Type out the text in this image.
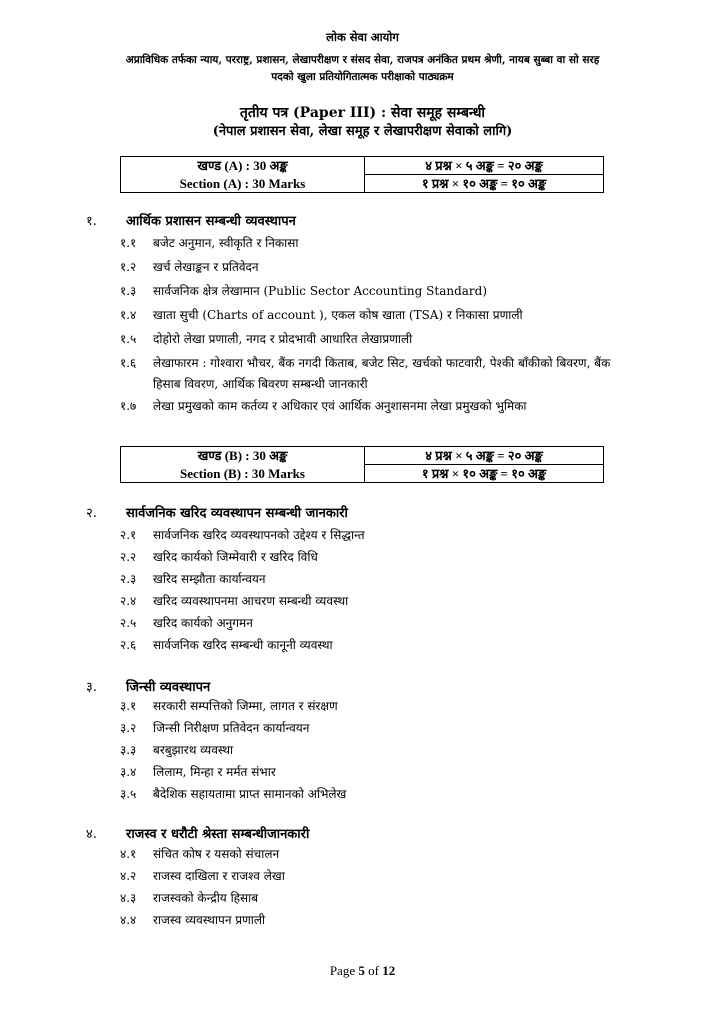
लोक सेवा आयोग
अप्राविधिक तर्फका न्याय, परराष्ट्र, प्रशासन, लेखापरीक्षण र संसद सेवा, राजपत्र अनंकित प्रथम श्रेणी, नायब सुब्बा वा सो सरह
पदको खुला प्रतियोगितात्मक परीक्षाको पाठ्यक्रम
तृतीय पत्र (Paper III) : सेवा समूह सम्बन्धी
(नेपाल प्रशासन सेवा, लेखा समूह र लेखापरीक्षण सेवाको लागि)
खण्ड (A) : 30 अङ्क	४ प्रश्न × ५ अङ्क = २० अङ्क
Section (A) : 30 Marks	१ प्रश्न × १० अङ्क = १० अङ्क
१. आर्थिक प्रशासन सम्बन्धी व्यवस्थापन
१.१	बजेट अनुमान, स्वीकृति र निकासा
१.२	खर्च लेखाङ्कन र प्रतिवेदन
१.३	सार्वजनिक क्षेत्र लेखामान (Public Sector Accounting Standard)
१.४	खाता सुची (Charts of account ), एकल कोष खाता (TSA) र निकासा प्रणाली
१.५	दोहोरो लेखा प्रणाली, नगद र प्रोदभावी आधारित लेखाप्रणाली
१.६	लेखाफारम : गोश्वारा भौचर, बैंक नगदी किताब, बजेट सिट, खर्चको फाटवारी, पेश्की बाँकीको बिवरण, बैंक हिसाब विवरण, आर्थिक बिवरण सम्बन्धी जानकारी
१.७	लेखा प्रमुखको काम कर्तव्य र अधिकार एवं आर्थिक अनुशासनमा लेखा प्रमुखको भुमिका
खण्ड (B) : 30 अङ्क	४ प्रश्न × ५ अङ्क = २० अङ्क
Section (B) : 30 Marks	१ प्रश्न × १० अङ्क = १० अङ्क
२. सार्वजनिक खरिद व्यवस्थापन सम्बन्धी जानकारी
२.१	सार्वजनिक खरिद व्यवस्थापनको उद्देश्य र सिद्धान्त
२.२	खरिद कार्यको जिम्मेवारी र खरिद विधि
२.३	खरिद सम्झौता कार्यान्वयन
२.४	खरिद व्यवस्थापनमा आचरण सम्बन्धी व्यवस्था
२.५	खरिद कार्यको अनुगमन
२.६	सार्वजनिक खरिद सम्बन्धी कानूनी व्यवस्था
३. जिन्सी व्यवस्थापन
३.१	सरकारी सम्पत्तिको जिम्मा, लागत र संरक्षण
३.२	जिन्सी निरीक्षण प्रतिवेदन कार्यान्वयन
३.३	बरबुझारथ व्यवस्था
३.४	लिलाम, मिन्हा र मर्मत संभार
३.५	बैदेशिक सहायतामा प्राप्त सामानको अभिलेख
४. राजस्व र धरौटी श्रेस्ता सम्बन्धीजानकारी
४.१	संचित कोष र यसको संचालन
४.२	राजस्व दाखिला र राजश्व लेखा
४.३	राजस्वको केन्द्रीय हिसाब
४.४	राजस्व व्यवस्थापन प्रणाली
Page 5 of 12
